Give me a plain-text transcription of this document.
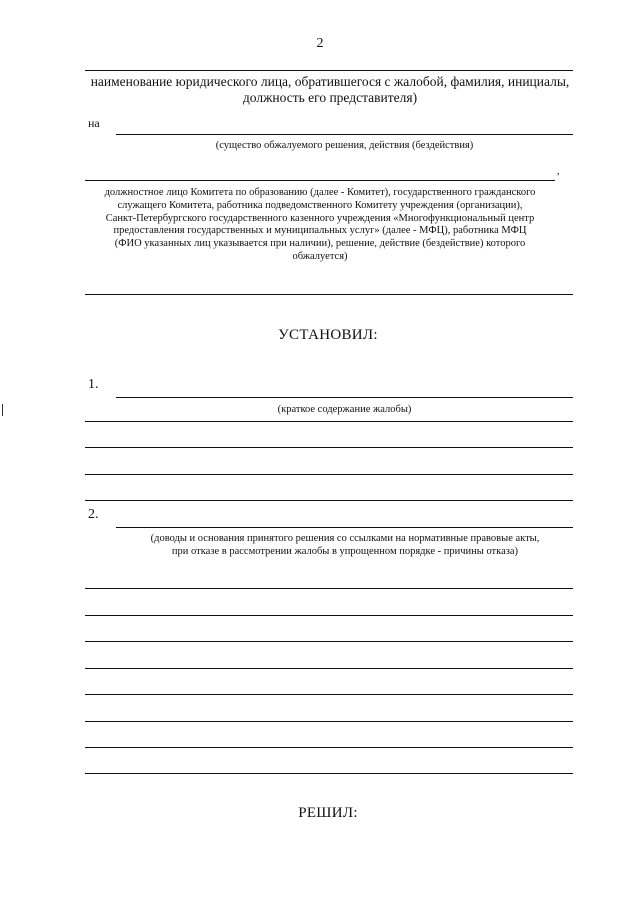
2
наименование юридического лица, обратившегося с жалобой, фамилия, инициалы,
должность его представителя)
на
(существо обжалуемого решения, действия (бездействия)
,
должностное лицо Комитета по образованию (далее - Комитет), государственного гражданского
служащего Комитета, работника подведомственного Комитету учреждения (организации),
Санкт-Петербургского государственного казенного учреждения «Многофункциональный центр
предоставления государственных и муниципальных услуг» (далее - МФЦ), работника МФЦ
(ФИО указанных лиц указывается при наличии), решение, действие (бездействие) которого
обжалуется)
УСТАНОВИЛ:
1.
(краткое содержание жалобы)
2.
(доводы и основания принятого решения со ссылками на нормативные правовые акты,
при отказе в рассмотрении жалобы в упрощенном порядке - причины отказа)
РЕШИЛ:
